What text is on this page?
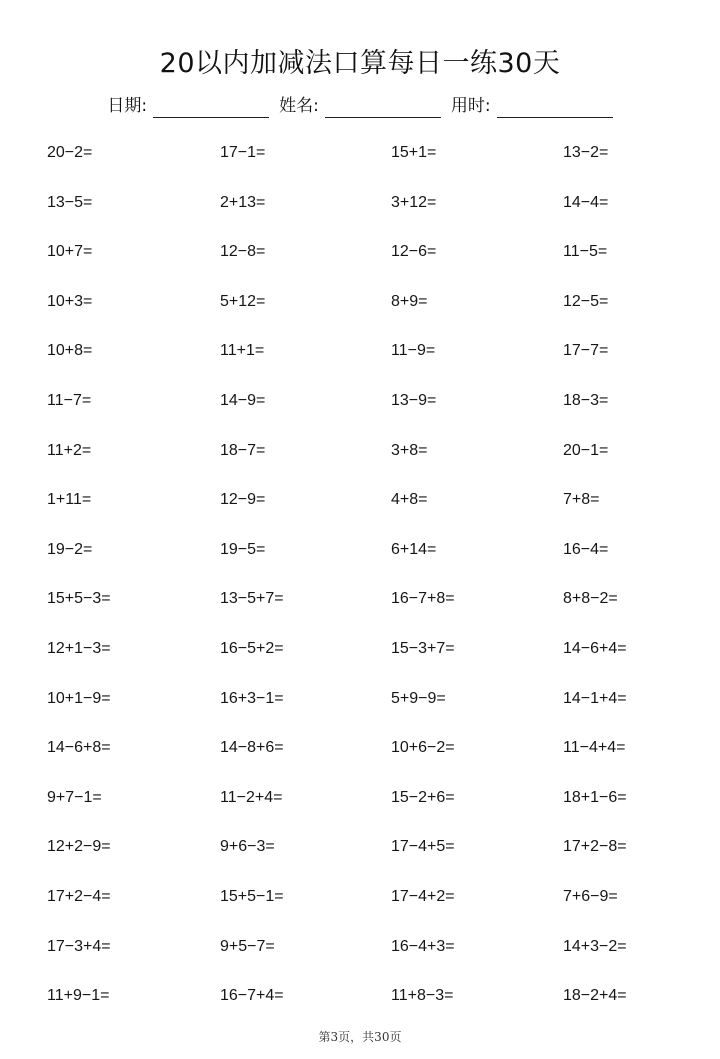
20以内加减法口算每日一练30天
日期:	姓名:	用时:
20−2=	17−1=	15+1=	13−2=
13−5=	2+13=	3+12=	14−4=
10+7=	12−8=	12−6=	11−5=
10+3=	5+12=	8+9=	12−5=
10+8=	11+1=	11−9=	17−7=
11−7=	14−9=	13−9=	18−3=
11+2=	18−7=	3+8=	20−1=
1+11=	12−9=	4+8=	7+8=
19−2=	19−5=	6+14=	16−4=
15+5−3=	13−5+7=	16−7+8=	8+8−2=
12+1−3=	16−5+2=	15−3+7=	14−6+4=
10+1−9=	16+3−1=	5+9−9=	14−1+4=
14−6+8=	14−8+6=	10+6−2=	11−4+4=
9+7−1=	11−2+4=	15−2+6=	18+1−6=
12+2−9=	9+6−3=	17−4+5=	17+2−8=
17+2−4=	15+5−1=	17−4+2=	7+6−9=
17−3+4=	9+5−7=	16−4+3=	14+3−2=
11+9−1=	16−7+4=	11+8−3=	18−2+4=
第3页，共30页
